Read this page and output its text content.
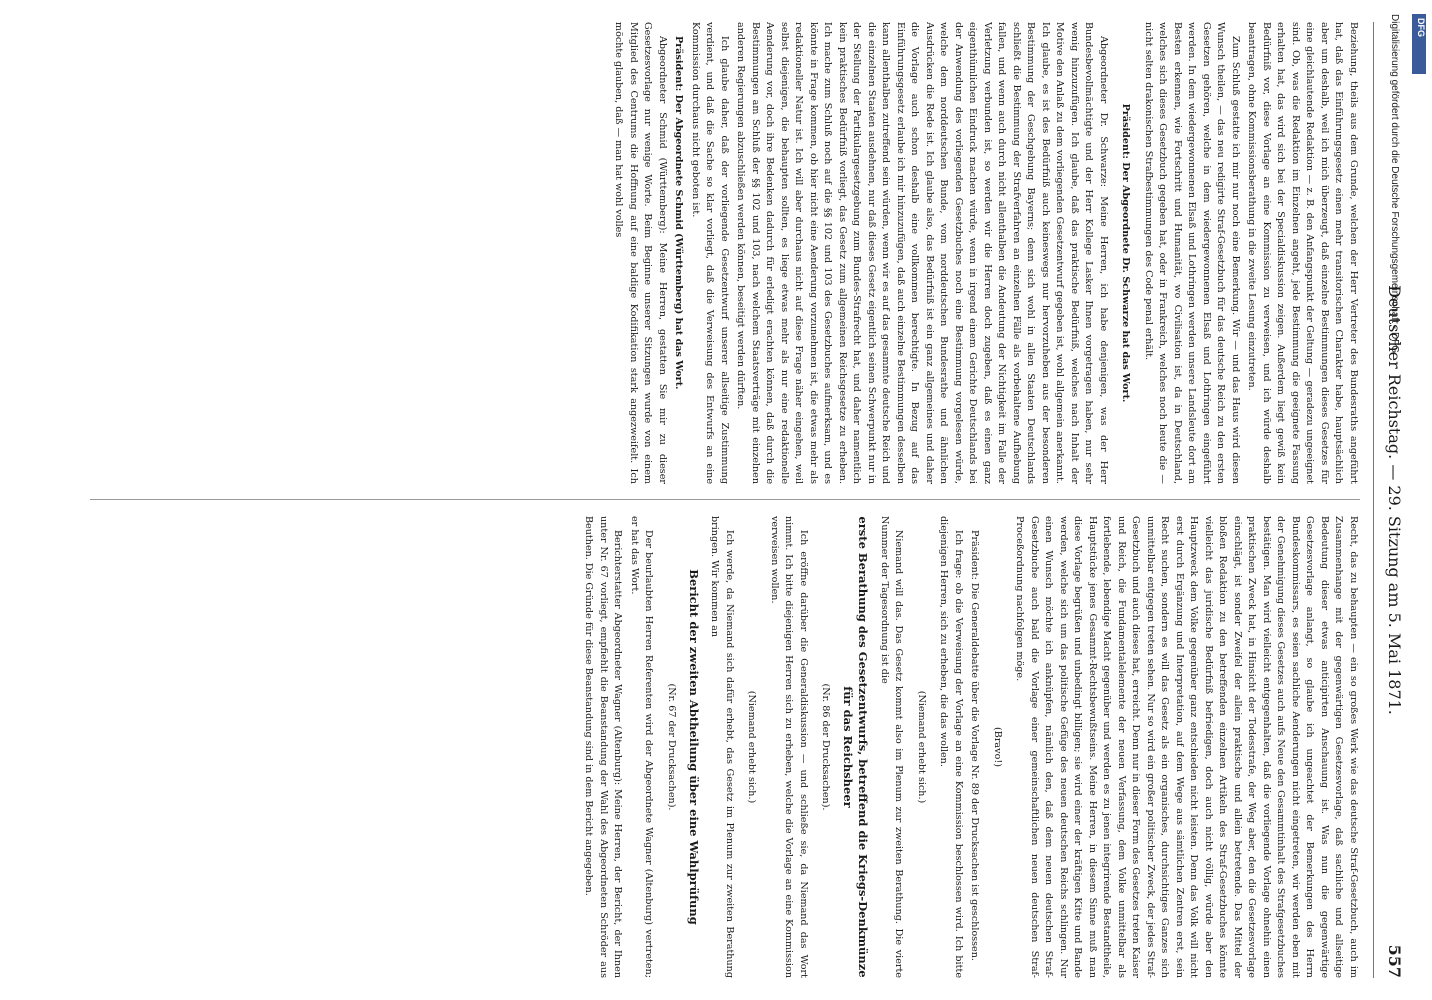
Deutscher Reichstag. — 29. Sitzung am 5. Mai 1871.
557

Beziehung, theils aus dem Grunde, welchen der Herr Vertreter des Bundesraths angeführt hat, daß das Einführungsgesetz einen mehr transitorischen Charakter habe, hauptsächlich aber um deshalb, weil ich mich überzeugt, daß einzelne Bestimmungen dieses Gesetzes für eine gleichlautende Redaktion — z. B. den Anfangspunkt der Geltung — geradezu ungeeignet sind. Ob, was die Redaktion im Einzelnen angeht, jede Bestimmung die geeignete Fassung erhalten hat, das wird sich bei der Specialdiskussion zeigen. Außerdem liegt gewiß kein Bedürfniß vor, diese Vorlage an eine Kommission zu verweisen, und ich würde deshalb beantragen, ohne Kommissionsberathung in die zweite Lesung einzutreten.

Zum Schluß gestatte ich mir nur noch eine Bemerkung. Wir — und das Haus wird diesen Wunsch theilen, — das neu redigirte Straf-Gesetzbuch für das deutsche Reich zu den ersten Gesetzen gehören, welche in dem wiedergewonnenen Elsaß und Lothringen eingeführt werden. In dem wiedergewonnenen Elsaß und Lothringen werden unsere Landsleute dort am Besten erkennen, wie Fortschritt und Humanität, wo Civilisation ist, da in Deutschland, welches sich dieses Gesetzbuch gegeben hat, oder in Frankreich, welches noch heute die — nicht selten drakonischen Strafbestimmungen des Code penal erhält.

Präsident: Der Abgeordnete Dr. Schwarze hat das Wort.

Abgeordneter Dr. Schwarze: Meine Herren, ich habe denjenigen, was der Herr Bundesbevollmächtigte und der Herr Kollege Lasker Ihnen vorgetragen haben, nur sehr wenig hinzuzufügen. Ich glaube, daß das praktische Bedürfniß, welches nach Inhalt der Motive den Anlaß zu dem vorliegenden Gesetzentwurf gegeben ist, wohl allgemein anerkannt. Ich glaube, es ist des Bedürfniß auch keineswegs nur hervorzuheben aus der besonderen Bestimmung der Geschgebung Bayerns; denn sich wohl in allen Staaten Deutschlands schließt die Bestimmung der Strafverfahren an einzelnen Fälle als vorbehaltene Aufhebung fallen, und wenn auch durch nicht allenthalben die Andeutung der Nichtigkeit im Falle der Verletzung verbunden ist, so werden wir die Herren doch zugeben, daß es einen ganz eigenthümlichen Eindruck machen würde, wenn in irgend einem Gerichte Deutschlands bei der Anwendung des vorliegenden Gesetzbuches noch eine Bestimmung vorgelesen würde, welche dem norddeutschen Bunde, vom norddeutschen Bundesrathe und ähnlichen Ausdrücken die Rede ist. Ich glaube also, das Bedürfniß ist ein ganz allgemeines und daher die Vorlage auch schon deshalb eine vollkommen berechtigte. In Bezug auf das Einführungsgesetz erlaube ich mir hinzuzufügen, daß auch einzelne Bestimmungen desselben kann allenthalben zutreffend sein würden, wenn wir es auf das gesammte deutsche Reich und die einzelnen Staaten ausdehnen, nur daß dieses Gesetz eigentlich seinen Schwerpunkt nur in der Stellung der Partikulargesetzgebung zum Bundes-Strafrecht hat, und daher namentlich kein praktisches Bedürfniß vorliegt, das Gesetz zum allgemeinen Reichsgesetze zu erheben. Ich mache zum Schluß noch auf die §§ 102 und 103 des Gesetzbuches aufmerksam, und es könnte in Frage kommen, ob hier nicht eine Aenderung vorzunehmen ist, die etwas mehr als redaktioneller Natur ist. Ich will aber durchaus nicht auf diese Frage näher eingehen, weil selbst diejenigen, die behaupten sollten, es liege etwas mehr als nur eine redaktionelle Aenderung vor, doch ihre Bedenken dadurch für erledigt erachten können, daß durch die Bestimmungen am Schluß der §§ 102 und 103, nach welchem Staatsverträge mit einzelnen anderen Regierungen abzuschließen werden können, beseitigt werden dürften.

Ich glaube daher, daß der vorliegende Gesetzentwurf unserer allseitige Zustimmung verdient, und daß die Sache so klar vorliegt, daß die Verweisung des Entwurfs an eine Kommission durchaus nicht geboten ist.

Präsident: Der Abgeordnete Schmid (Württemberg) hat das Wort.

Abgeordneter Schmid (Württemberg): Meine Herren, gestatten Sie mir zu dieser Gesetzesvorlage nur wenige Worte. Beim Beginne unserer Sitzungen wurde von einem Mitglied des Centrums die Hoffnung auf eine baldige Kodifikation stark angezweifelt. Ich möchte glauben, daß — man hat wohl volles

Recht, das zu behaupten — ein so großes Werk wie das deutsche Straf-Gesetzbuch, auch im Zusammenhange mit der gegenwärtigen Gesetzesvorlage, daß sachliche und allseitige Bedeutung dieser etwas anticipirten Anschauung ist. Was nun die gegenwärtige Gesetzesvorlage anlangt, so glaube ich ungeachtet der Bemerkungen des Herrn Bundeskommissars, es seien sachliche Aenderungen nicht eingetreten, wir werden eben mit der Genehmigung dieses Gesetzes auch aufs Neue den Gesammtinhalt des Strafgesetzbuches bestätigen. Man wird vielleicht entgegenhalten, daß die vorliegende Vorlage ohnehin einen praktischen Zweck hat, in Hinsicht der Todesstrafe, der Weg aber, den die Gesetzesvorlage einschlägt, ist sonder Zweifel der allein praktische und allein betretende. Das Mittel der bloßen Redaktion zu den betreffenden einzelnen Artikeln des Straf-Gesetzbuches könnte vielleicht das juridische Bedürfniß befriedigen, doch auch nicht völlig, würde aber den Hauptzweck dem Volke gegenüber ganz entschieden nicht leisten. Denn das Volk will nicht erst durch Ergänzung und Interpretation, auf dem Wege aus sämtlichen Zentren erst, sein Recht suchen, sondern es will das Gesetz als ein organisches, durchsichtiges Ganzes sich unmittelbar entgegen treten sehen. Nur so wird ein großer politischer Zweck, der jedes Straf-Gesetzbuch und auch dieses hat, erreicht. Denn nur in dieser Form des Gesetzes treten Kaiser und Reich, die Fundamentalelemente der neuen Verfassung, dem Volke unmittelbar als fortlebende, lebendige Macht gegenüber und werden es zu jenen integrirende Bestandtheile, Hauptstücke jenes Gesammt-Rechtsbewußtseins. Meine Herren, in diesem Sinne muß man diese Vorlage begrüßen und unbedingt billigen; sie wird einer der kräftigen Kitte und Bande werden, welche sich um das politische Gefüge des neuen deutschen Reichs schlingen. Nur einen Wunsch möchte ich anknüpfen, nämlich den, daß dem neuen deutschen Straf-Gesetzbuche auch bald die Vorlage einer gemeinschaftlichen neuen deutschen Straf-Proceßordnung nachfolgen möge.

(Bravo!)

Präsident: Die Generaldebatte über die Vorlage Nr. 89 der Drucksachen ist geschlossen.

Ich frage: ob die Verweisung der Vorlage an eine Kommission beschlossen wird. Ich bitte diejenigen Herren, sich zu erheben, die das wollen.

(Niemand erhebt sich.)

Niemand will das. Das Gesetz kommt also im Plenum zur zweiten Berathung. Die vierte Nummer der Tagesordnung ist die

erste Berathung des Gesetzentwurfs, betreffend die Kriegs-Denkmünze für das Reichsheer

(Nr. 86 der Drucksachen).

Ich eröffne darüber die Generaldiskussion — und schließe sie, da Niemand das Wort nimmt. Ich bitte diejenigen Herren sich zu erheben, welche die Vorlage an eine Kommission verweisen wollen.

(Niemand erhebt sich.)

Ich werde, da Niemand sich dafür erhebt, das Gesetz im Plenum zur zweiten Berathung bringen. Wir kommen an

Bericht der zweiten Abtheilung über eine Wahlprüfung

(Nr. 67 der Drucksachen).

Der beurlaubten Herren Referenten wird der Abgeordnete Wagner (Altenburg) vertreten; er hat das Wort.

Berichterstatter Abgeordneter Wagner (Altenburg): Meine Herren, der Bericht, der Ihnen unter Nr. 67 vorliegt, empfiehlt die Beanstandung der Wahl des Abgeordneten Schröder aus Beuthen. Die Gründe für diese Beanstandung sind in dem Bericht angegeben.

Digitalisierung gefördert durch die Deutsche Forschungsgemeinschaft - DFG DFG
